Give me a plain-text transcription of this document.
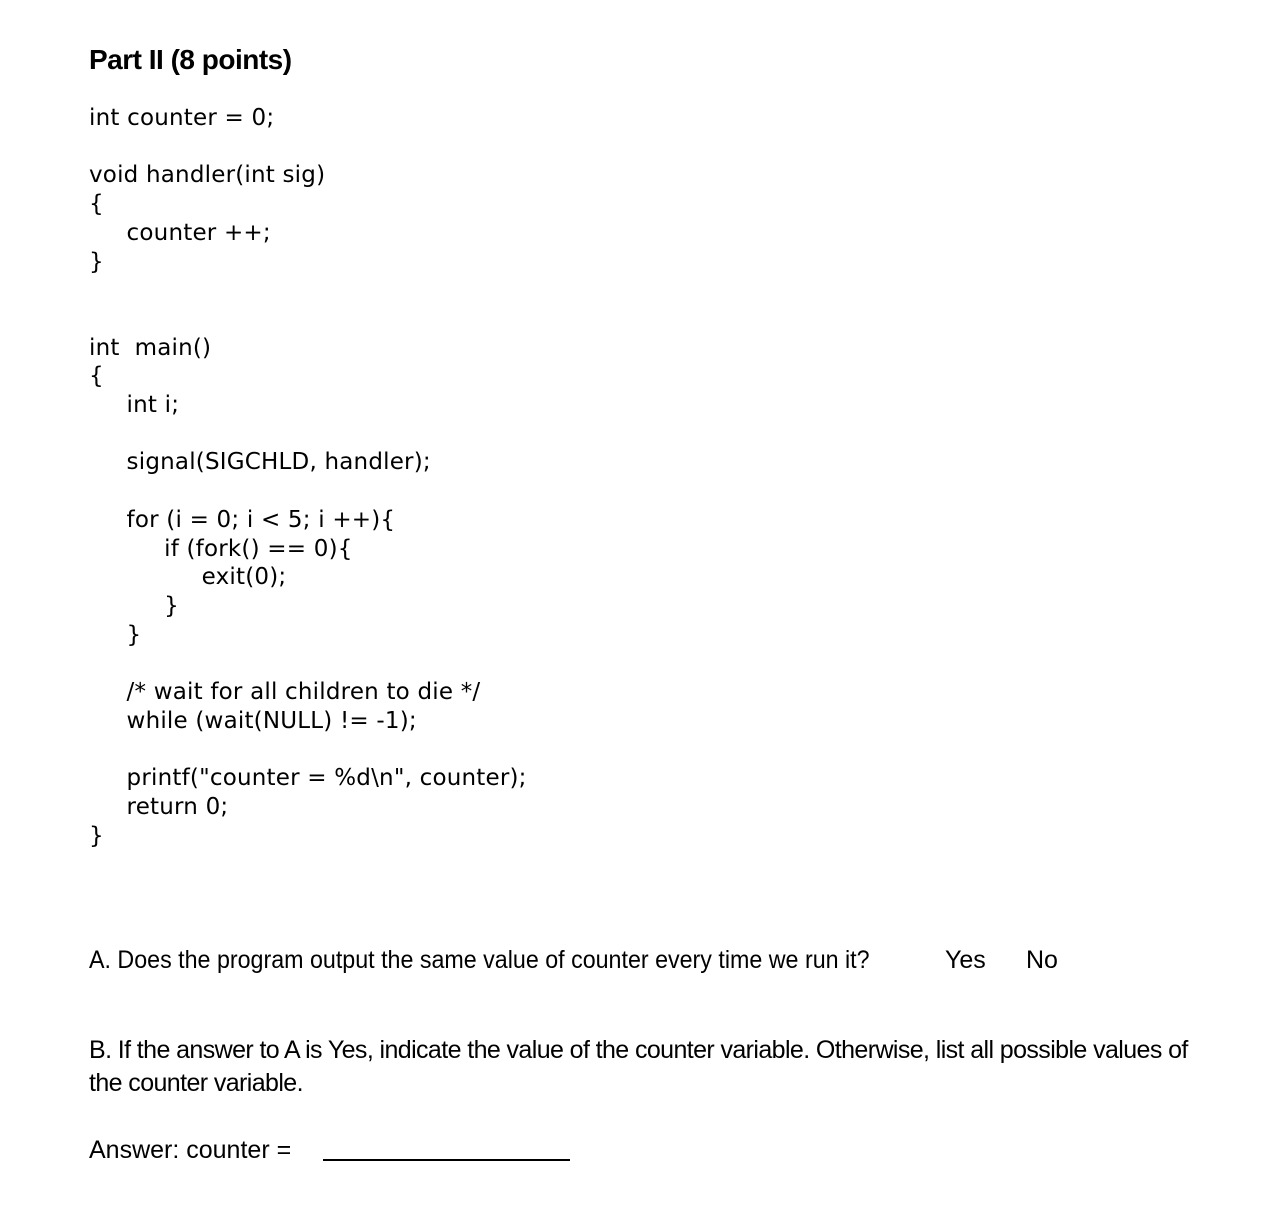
Part II (8 points)
int counter = 0;

void handler(int sig)
{
counter ++;
}

int  main()
{
int i;

signal(SIGCHLD, handler);

for (i = 0; i < 5; i ++){
if (fork() == 0){
exit(0);
}
}

/* wait for all children to die */
while (wait(NULL) != -1);

printf("counter = %d\n", counter);
return 0;
}
A. Does the program output the same value of counter every time we run it?	Yes No
B. If the answer to A is Yes, indicate the value of the counter variable. Otherwise, list all possible values of the counter variable.
Answer: counter =
